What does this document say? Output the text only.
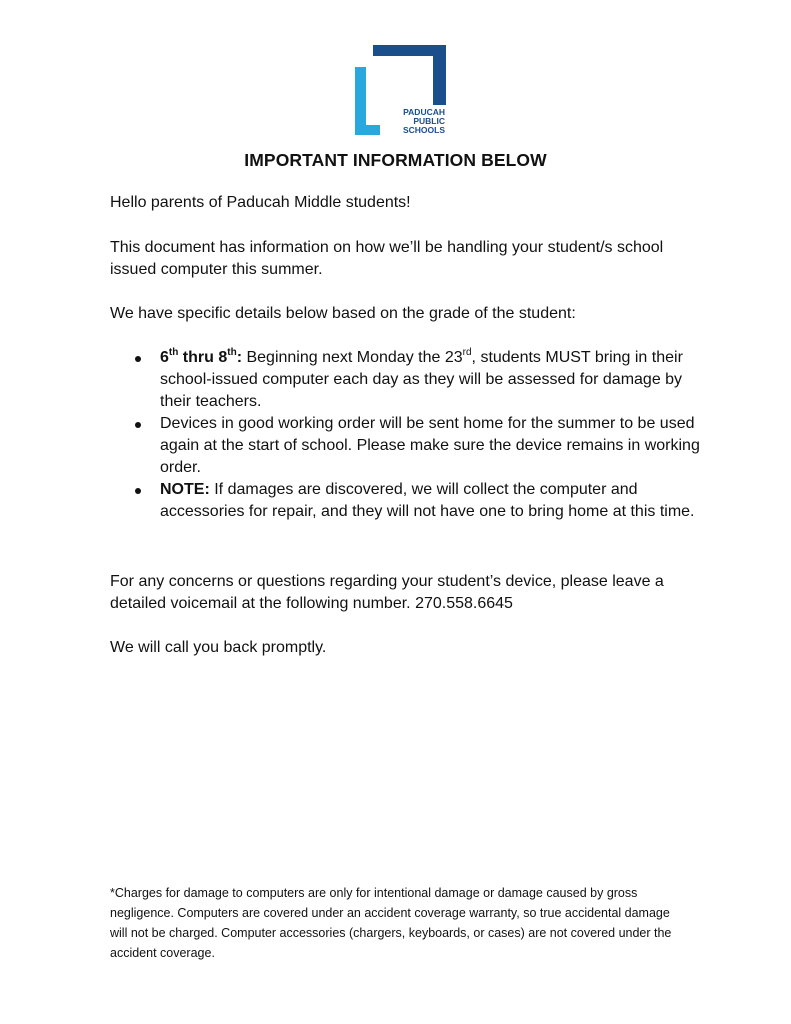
PADUCAH
PUBLIC
SCHOOLS
IMPORTANT INFORMATION BELOW
Hello parents of Paducah Middle students!
This document has information on how we’ll be handling your student/s school issued computer this summer.
We have specific details below based on the grade of the student:
6th thru 8th: Beginning next Monday the 23rd, students MUST bring in their school-issued computer each day as they will be assessed for damage by their teachers.
Devices in good working order will be sent home for the summer to be used again at the start of school. Please make sure the device remains in working order.
NOTE: If damages are discovered, we will collect the computer and accessories for repair, and they will not have one to bring home at this time.
For any concerns or questions regarding your student’s device, please leave a detailed voicemail at the following number. 270.558.6645
We will call you back promptly.
*Charges for damage to computers are only for intentional damage or damage caused by gross negligence. Computers are covered under an accident coverage warranty, so true accidental damage will not be charged. Computer accessories (chargers, keyboards, or cases) are not covered under the accident coverage.
